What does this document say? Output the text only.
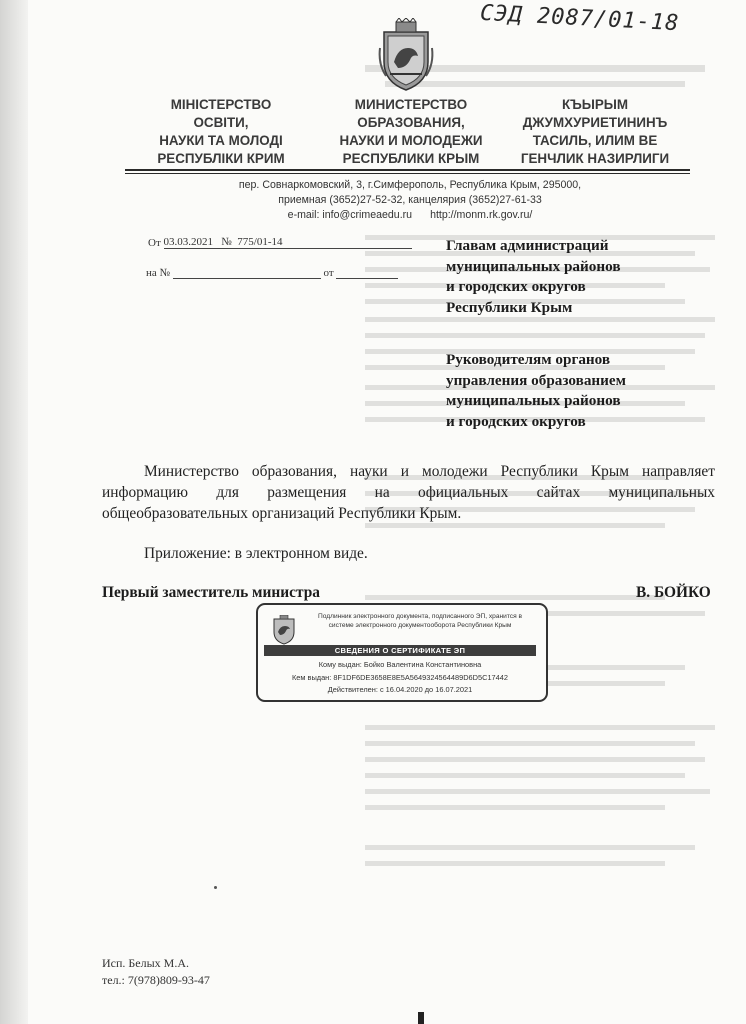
СЭД 2087/01-18
МІНІСТЕРСТВО
ОСВІТИ,
НАУКИ ТА МОЛОДІ
РЕСПУБЛІКИ КРИМ
МИНИСТЕРСТВО
ОБРАЗОВАНИЯ,
НАУКИ И МОЛОДЕЖИ
РЕСПУБЛИКИ КРЫМ
КЪЫРЫМ
ДЖУМХУРИЕТИНИНЪ
ТАСИЛЬ, ИЛИМ ВЕ
ГЕНЧЛИК НАЗИРЛИГИ
пер. Совнаркомовский, 3, г.Симферополь, Республика Крым, 295000,
приемная (3652)27-52-32, канцелярия (3652)27-61-33
e-mail: info@crimeaedu.ru http://monm.rk.gov.ru/
От 03.03.2021 № 775/01-14
на №	от
Главам администраций
муниципальных районов
и городских округов
Республики Крым
Руководителям органов
управления образованием
муниципальных районов
и городских округов
Министерство образования, науки и молодежи Республики Крым направляет информацию для размещения на официальных сайтах муниципальных общеобразовательных организаций Республики Крым.
Приложение: в электронном виде.
Первый заместитель министра	В. БОЙКО
Подлинник электронного документа, подписанного ЭП, хранится в
системе электронного документооборота Республики Крым
СВЕДЕНИЯ О СЕРТИФИКАТЕ ЭП
Кому выдан: Бойко Валентина Константиновна
Кем выдан: 8F1DF6DE3658E8E5A5649324564489D6D5C17442
Действителен: с 16.04.2020 до 16.07.2021
Исп. Белых М.А.
тел.: 7(978)809-93-47
